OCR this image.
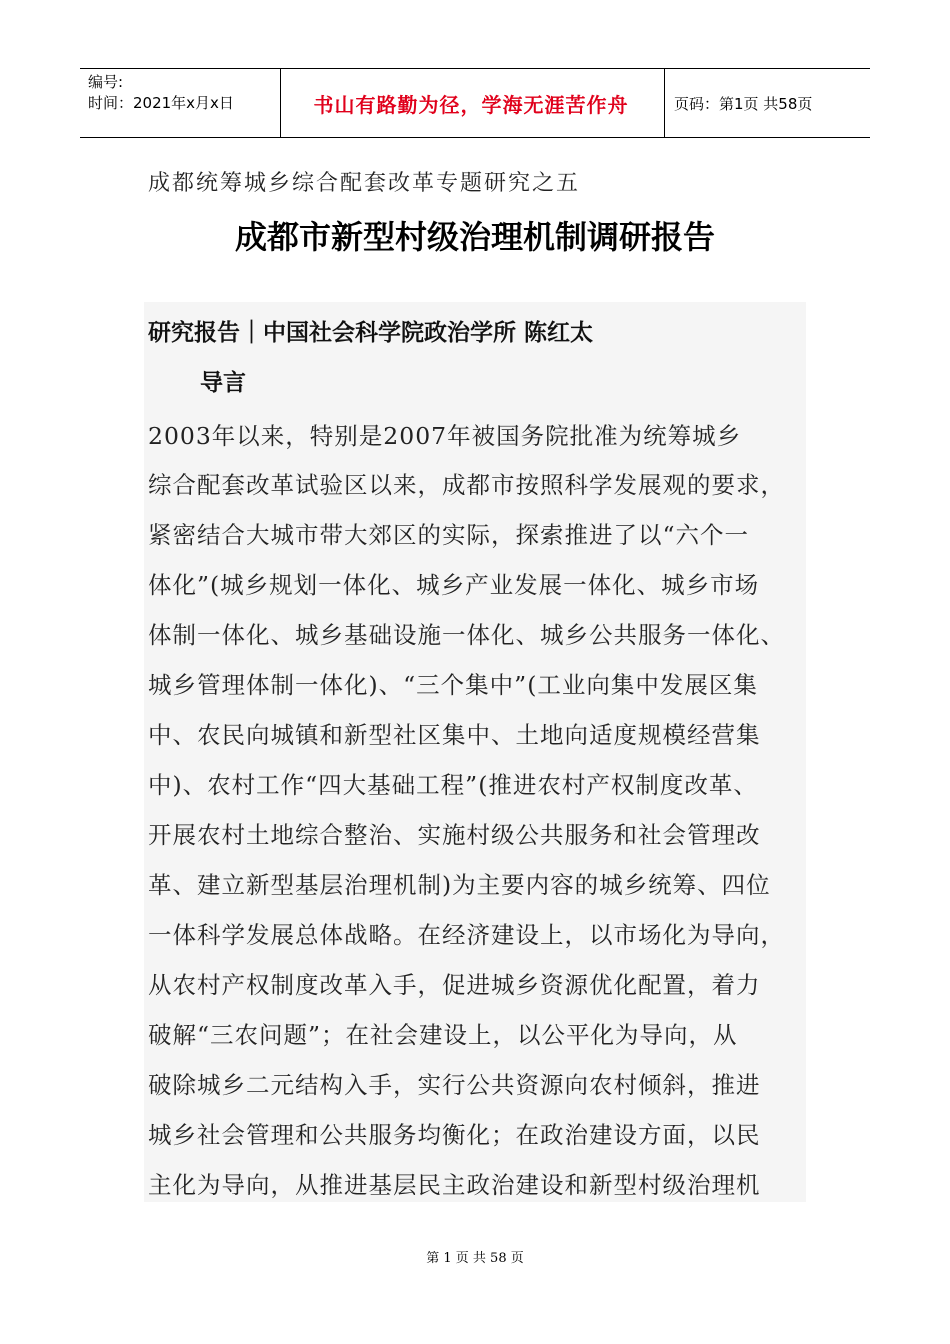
编号:
时间：2021年x月x日	书山有路勤为径，学海无涯苦作舟	页码：第1页 共58页
成都统筹城乡综合配套改革专题研究之五
成都市新型村级治理机制调研报告
研究报告｜中国社会科学院政治学所 陈红太
导言
2003年以来，特别是2007年被国务院批准为统筹城乡
综合配套改革试验区以来，成都市按照科学发展观的要求，
紧密结合大城市带大郊区的实际，探索推进了以“六个一
体化”(城乡规划一体化、城乡产业发展一体化、城乡市场
体制一体化、城乡基础设施一体化、城乡公共服务一体化、
城乡管理体制一体化)、“三个集中”(工业向集中发展区集
中、农民向城镇和新型社区集中、土地向适度规模经营集
中)、农村工作“四大基础工程”(推进农村产权制度改革、
开展农村土地综合整治、实施村级公共服务和社会管理改
革、建立新型基层治理机制)为主要内容的城乡统筹、四位
一体科学发展总体战略。在经济建设上，以市场化为导向，
从农村产权制度改革入手，促进城乡资源优化配置，着力
破解“三农问题”；在社会建设上，以公平化为导向，从
破除城乡二元结构入手，实行公共资源向农村倾斜，推进
城乡社会管理和公共服务均衡化；在政治建设方面，以民
主化为导向，从推进基层民主政治建设和新型村级治理机
第 1 页 共 58 页
